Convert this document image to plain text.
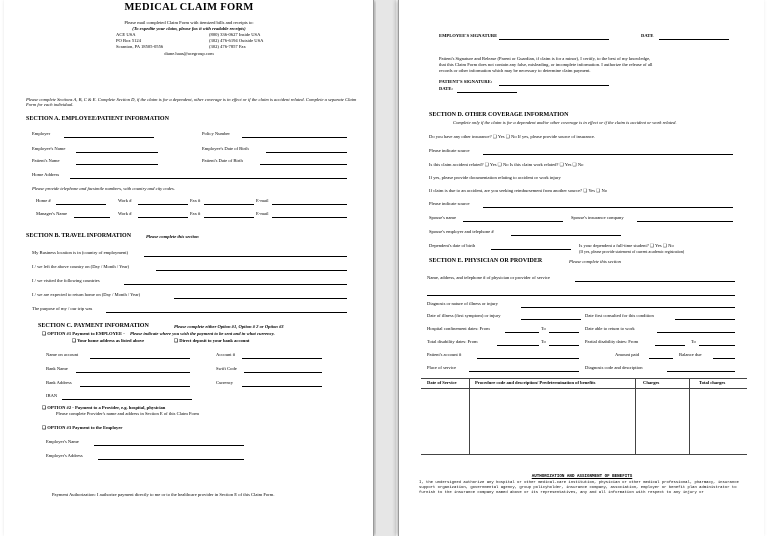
MEDICAL CLAIM FORM
Please mail completed Claim Form with itemized bills and receipts to:
(To expedite your claim, please fax it with readable receipts)
ACE USA
PO Box 5124
Scranton, PA 18505-0556
(800) 336-0627 Inside USA
(302) 476-6194 Outside USA
(302) 476-7857 Fax
diane.haas@acegroup.com
Please complete Sections A, B, C & E. Complete Section D, if the claim is for a dependent, other coverage is in effect or if the claim is accident related. Complete a separate Claim Form for each individual.
SECTION A. EMPLOYEE/PATIENT INFORMATION
Employer	Policy Number
Employee's Name	Employee's Date of Birth
Patient's Name	Patient's Date of Birth
Home Address
Please provide telephone and facsimile numbers, with country and city codes.
Home #	Work #	Fax #	E-mail
Manager's Name	Work #	Fax #	E-mail
SECTION B. TRAVEL INFORMATION	Please complete this section
My Business location is in (country of employment)
I / we left the above country on (Day / Month / Year)
I / we visited the following countries
I / we are expected to return home on (Day / Month / Year)
The purpose of my / our trip was
SECTION C. PAYMENT INFORMATION	Please complete either Option #1, Option # 2 or Option #3
❑ OPTION #1 Payment to EMPLOYEE - Please indicate where you wish the payment to be sent and in what currency.
❑ Your home address as listed above	❑ Direct deposit to your bank account
Name on account	Account #
Bank Name	Swift Code
Bank Address	Currency
IBAN
❑ OPTION #2 - Payment to a Provider, e.g. hospital, physician
Please complete Provider's name and address in Section E of this Claim Form
❑ OPTION #3 Payment to the Employer
Employer's Name
Employer's Address
Payment Authorization: I authorize payment directly to me or to the healthcare provider in Section E of this Claim Form.
EMPLOYEE'S SIGNATURE	DATE
Patient's Signature and Release (Parent or Guardian, if claim is for a minor), I certify, to the best of my knowledge,
that this Claim Form does not contain any false, misleading, or incomplete information. I authorize the release of all
records or other information which may be necessary to determine claim payment.
PATIENT'S SIGNATURE:
DATE:
SECTION D. OTHER COVERAGE INFORMATION
Complete only if the claim is for a dependent and/or other coverage is in effect or if the claim is accident or work related.
Do you have any other insurance? ❑ Yes ❑ No If yes, please provide source of insurance.
Please indicate source
Is this claim accident related? ❑ Yes ❑ No Is this claim work related? ❑ Yes ❑ No
If yes, please provide documentation relating to accident or work injury
If claim is due to an accident, are you seeking reimbursement from another source? ❑ Yes ❑ No
Please indicate source
Spouse's name	Spouse's insurance company
Spouse's employer and telephone #
Dependent's date of birth	Is your dependent a full-time student? ❑ Yes ❑ No
(If yes, please provide statement of current academic registration)
SECTION E. PHYSICIAN OR PROVIDER	Please complete this section
Name, address, and telephone # of physician or provider of service
Diagnosis or nature of illness or injury
Date of illness (first symptom) or injury	Date first consulted for this condition
Hospital confinement dates: From	To	Date able to return to work
Total disability dates: From	To	Partial disability dates: From	To
Patient's account #	Amount paid	Balance due
Place of service	Diagnosis code and description
Date of Service	Procedure code and description/ Predetermination of benefits	Charges	Total charges
AUTHORIZATION AND ASSIGNMENT OF BENEFITS
I, the undersigned authorize any hospital or other medical-care institution, physician or other medical professional, pharmacy, insurance support organization, governmental agency, group policyholder, insurance company, association, employer or benefit plan administrator to furnish to the insurance company named above or its representatives, any and all information with respect to any injury or
